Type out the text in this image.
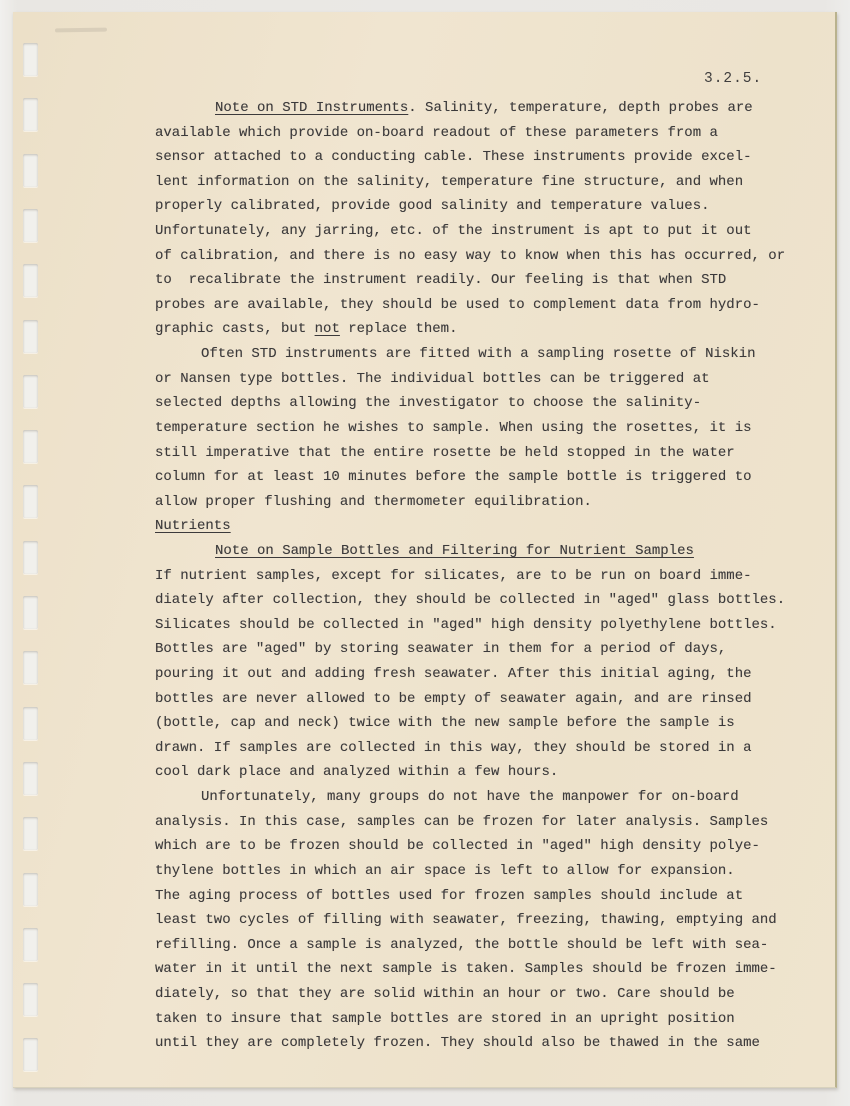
3.2.5.
Note on STD Instruments. Salinity, temperature, depth probes are
available which provide on-board readout of these parameters from a
sensor attached to a conducting cable. These instruments provide excel-
lent information on the salinity, temperature fine structure, and when
properly calibrated, provide good salinity and temperature values.
Unfortunately, any jarring, etc. of the instrument is apt to put it out
of calibration, and there is no easy way to know when this has occurred, or
to  recalibrate the instrument readily. Our feeling is that when STD
probes are available, they should be used to complement data from hydro-
graphic casts, but not replace them.
Often STD instruments are fitted with a sampling rosette of Niskin
or Nansen type bottles. The individual bottles can be triggered at
selected depths allowing the investigator to choose the salinity-
temperature section he wishes to sample. When using the rosettes, it is
still imperative that the entire rosette be held stopped in the water
column for at least 10 minutes before the sample bottle is triggered to
allow proper flushing and thermometer equilibration.
Nutrients
Note on Sample Bottles and Filtering for Nutrient Samples
If nutrient samples, except for silicates, are to be run on board imme-
diately after collection, they should be collected in "aged" glass bottles.
Silicates should be collected in "aged" high density polyethylene bottles.
Bottles are "aged" by storing seawater in them for a period of days,
pouring it out and adding fresh seawater. After this initial aging, the
bottles are never allowed to be empty of seawater again, and are rinsed
(bottle, cap and neck) twice with the new sample before the sample is
drawn. If samples are collected in this way, they should be stored in a
cool dark place and analyzed within a few hours.
Unfortunately, many groups do not have the manpower for on-board
analysis. In this case, samples can be frozen for later analysis. Samples
which are to be frozen should be collected in "aged" high density polye-
thylene bottles in which an air space is left to allow for expansion.
The aging process of bottles used for frozen samples should include at
least two cycles of filling with seawater, freezing, thawing, emptying and
refilling. Once a sample is analyzed, the bottle should be left with sea-
water in it until the next sample is taken. Samples should be frozen imme-
diately, so that they are solid within an hour or two. Care should be
taken to insure that sample bottles are stored in an upright position
until they are completely frozen. They should also be thawed in the same
